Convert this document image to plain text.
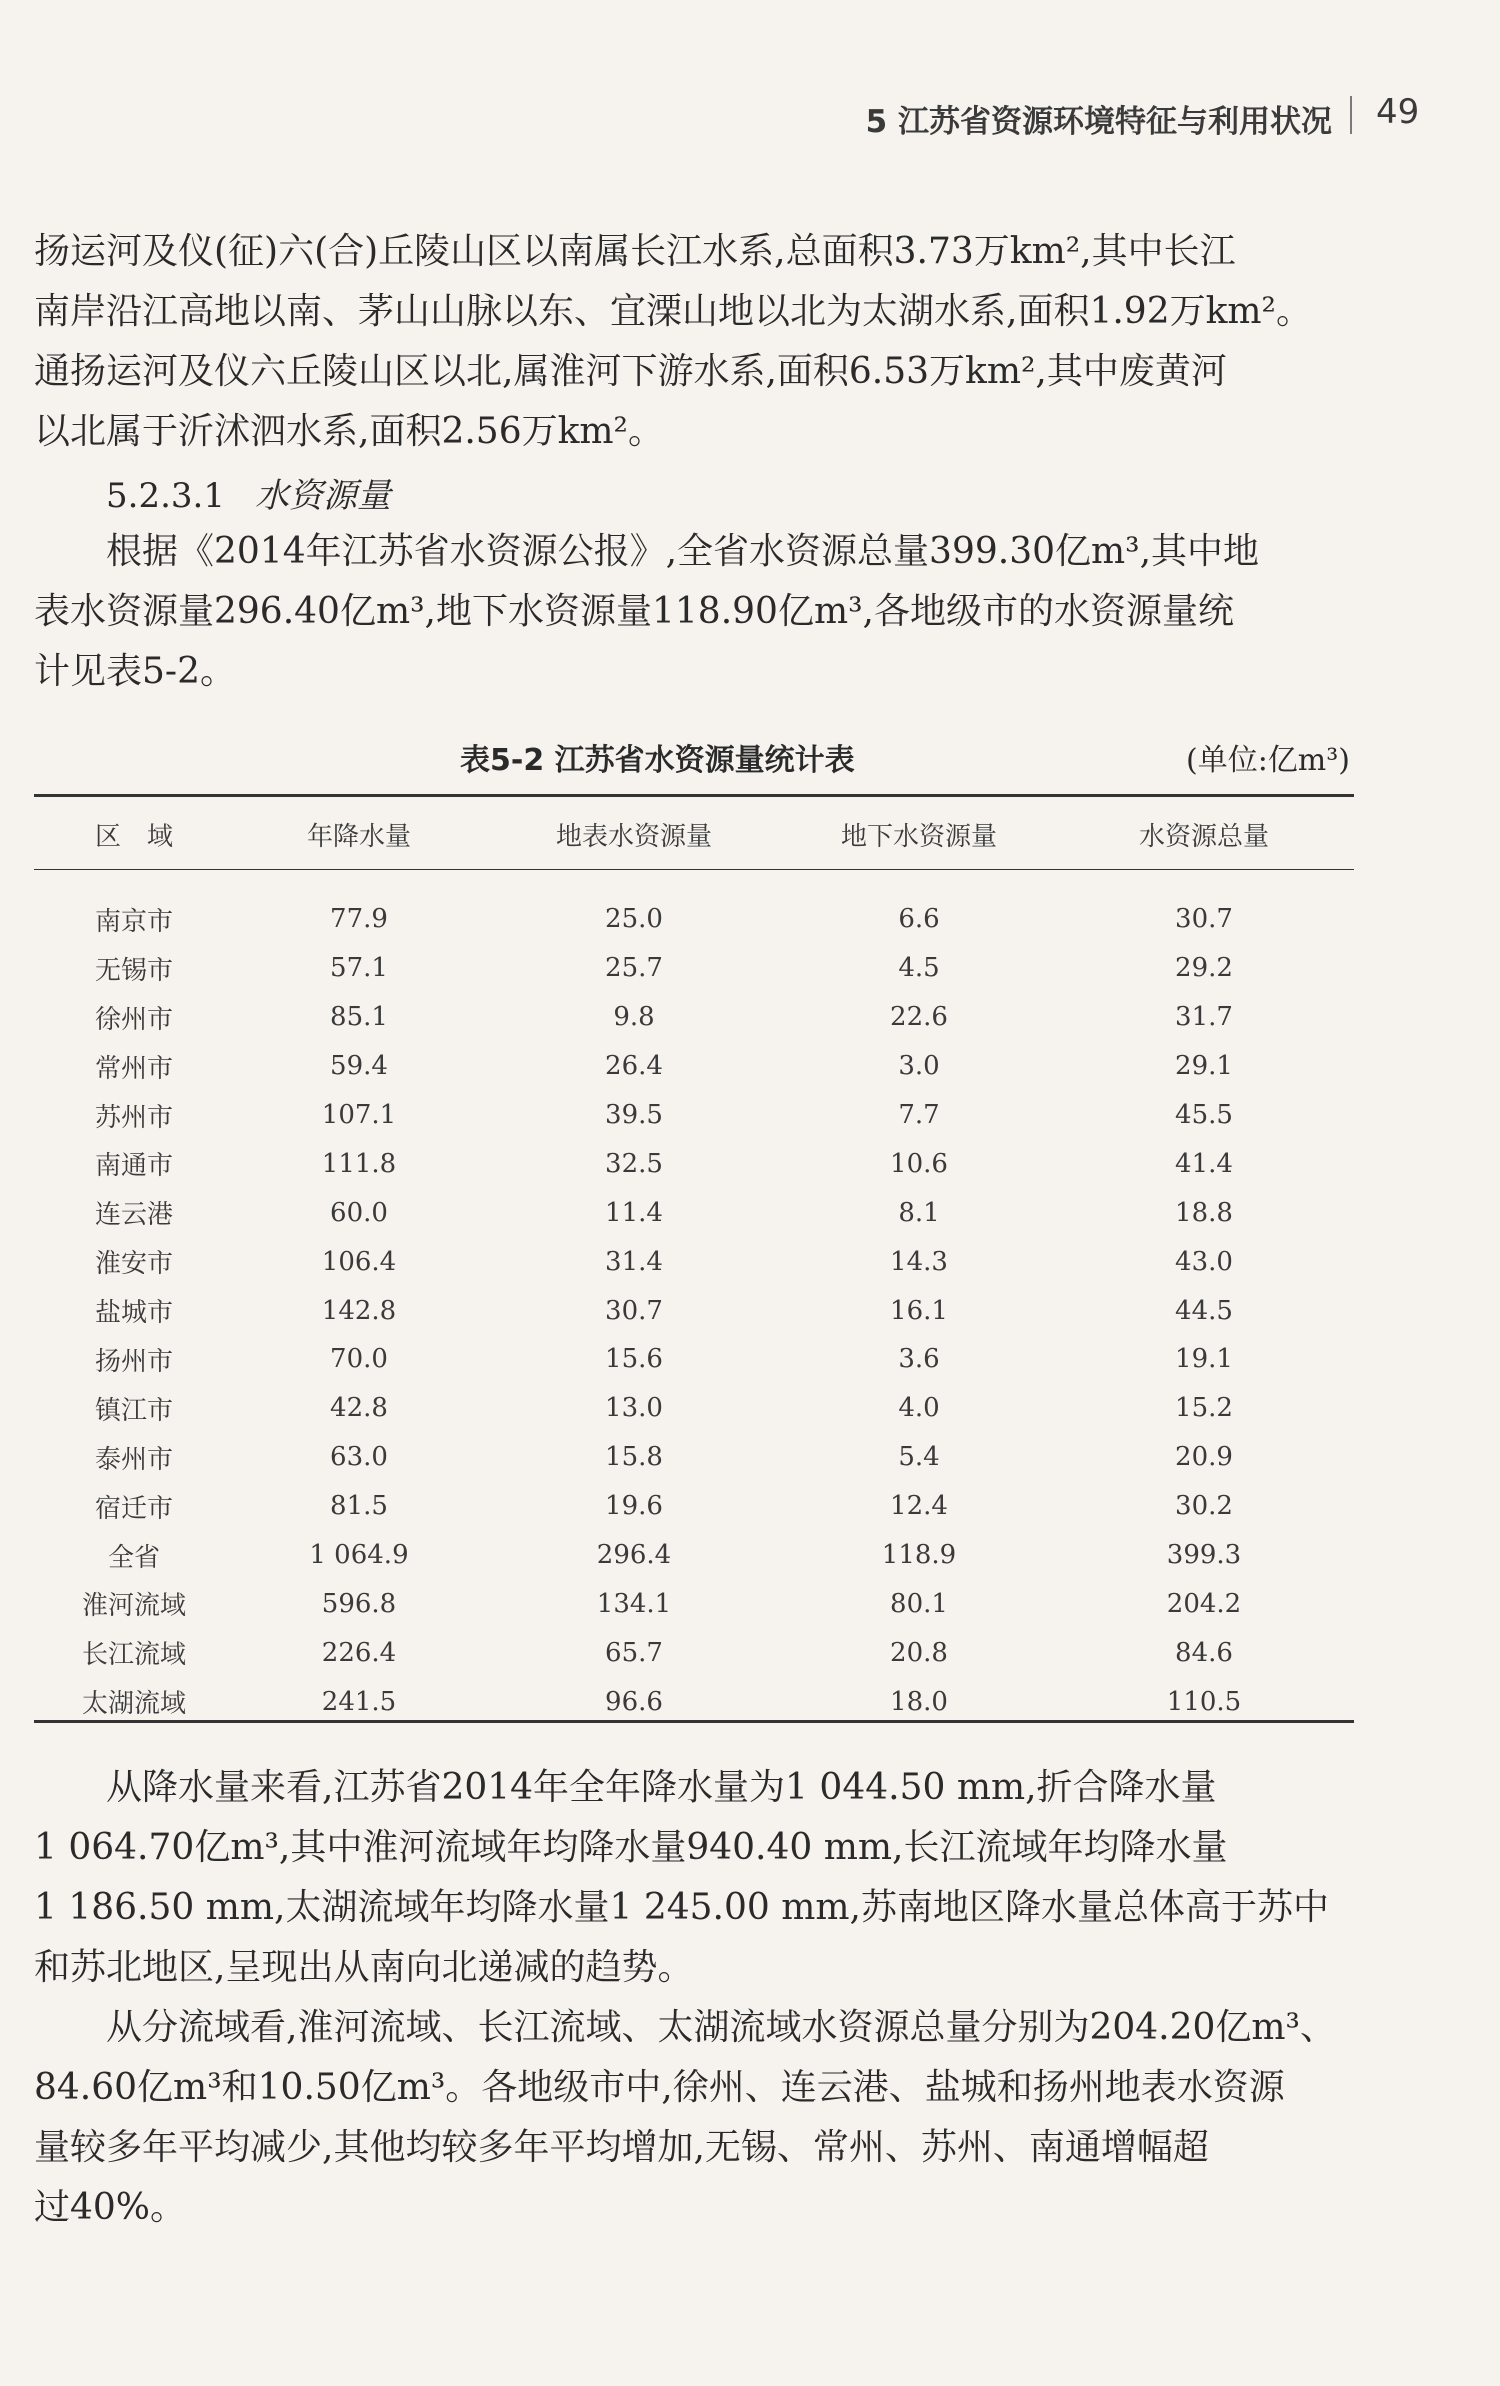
5 江苏省资源环境特征与利用状况 49

扬运河及仪(征)六(合)丘陵山区以南属长江水系,总面积3.73万km²,其中长江
南岸沿江高地以南、茅山山脉以东、宜溧山地以北为太湖水系,面积1.92万km²。
通扬运河及仪六丘陵山区以北,属淮河下游水系,面积6.53万km²,其中废黄河
以北属于沂沭泗水系,面积2.56万km²。

5.2.3.1 水资源量

根据《2014年江苏省水资源公报》,全省水资源总量399.30亿m³,其中地
表水资源量296.40亿m³,地下水资源量118.90亿m³,各地级市的水资源量统
计见表5-2。

表5-2 江苏省水资源量统计表	(单位:亿m³)
区　域	年降水量	地表水资源量	地下水资源量	水资源总量
南京市	77.9	25.0	6.6	30.7
无锡市	57.1	25.7	4.5	29.2
徐州市	85.1	9.8	22.6	31.7
常州市	59.4	26.4	3.0	29.1
苏州市	107.1	39.5	7.7	45.5
南通市	111.8	32.5	10.6	41.4
连云港	60.0	11.4	8.1	18.8
淮安市	106.4	31.4	14.3	43.0
盐城市	142.8	30.7	16.1	44.5
扬州市	70.0	15.6	3.6	19.1
镇江市	42.8	13.0	4.0	15.2
泰州市	63.0	15.8	5.4	20.9
宿迁市	81.5	19.6	12.4	30.2
全省	1 064.9	296.4	118.9	399.3
淮河流域	596.8	134.1	80.1	204.2
长江流域	226.4	65.7	20.8	84.6
太湖流域	241.5	96.6	18.0	110.5

从降水量来看,江苏省2014年全年降水量为1 044.50 mm,折合降水量
1 064.70亿m³,其中淮河流域年均降水量940.40 mm,长江流域年均降水量
1 186.50 mm,太湖流域年均降水量1 245.00 mm,苏南地区降水量总体高于苏中
和苏北地区,呈现出从南向北递减的趋势。

从分流域看,淮河流域、长江流域、太湖流域水资源总量分别为204.20亿m³、
84.60亿m³和10.50亿m³。各地级市中,徐州、连云港、盐城和扬州地表水资源
量较多年平均减少,其他均较多年平均增加,无锡、常州、苏州、南通增幅超
过40%。
